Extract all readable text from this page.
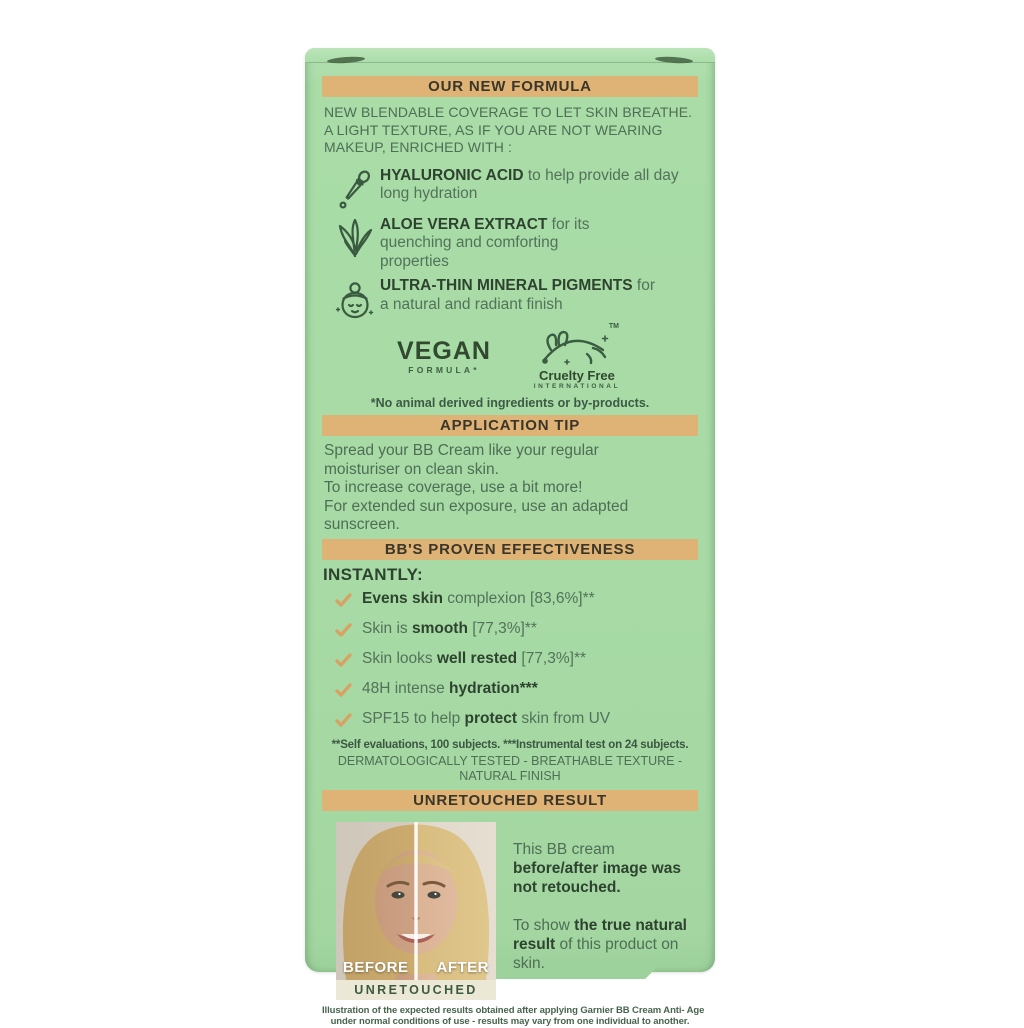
OUR NEW FORMULA
NEW BLENDABLE COVERAGE TO LET SKIN BREATHE.
A LIGHT TEXTURE, AS IF YOU ARE NOT WEARING
MAKEUP, ENRICHED WITH :
HYALURONIC ACID to help provide all day long hydration
ALOE VERA EXTRACT for its quenching and comforting properties
ULTRA-THIN MINERAL PIGMENTS for a natural and radiant finish
VEGAN
FORMULA*
TM
Cruelty Free
INTERNATIONAL
*No animal derived ingredients or by-products.
APPLICATION TIP
Spread your BB Cream like your regular
moisturiser on clean skin.
To increase coverage, use a bit more!
For extended sun exposure, use an adapted
sunscreen.
BB'S PROVEN EFFECTIVENESS
INSTANTLY:
Evens skin complexion [83,6%]**
Skin is smooth [77,3%]**
Skin looks well rested [77,3%]**
48H intense hydration***
SPF15 to help protect skin from UV
**Self evaluations, 100 subjects. ***Instrumental test on 24 subjects.
DERMATOLOGICALLY TESTED - BREATHABLE TEXTURE -
NATURAL FINISH
UNRETOUCHED RESULT
BEFORE AFTER
UNRETOUCHED

This BB cream before/after image was not retouched.

To show the true natural result of this product on skin.

Illustration of the expected results obtained after applying Garnier BB Cream Anti- Age
under normal conditions of use - results may vary from one individual to another.
